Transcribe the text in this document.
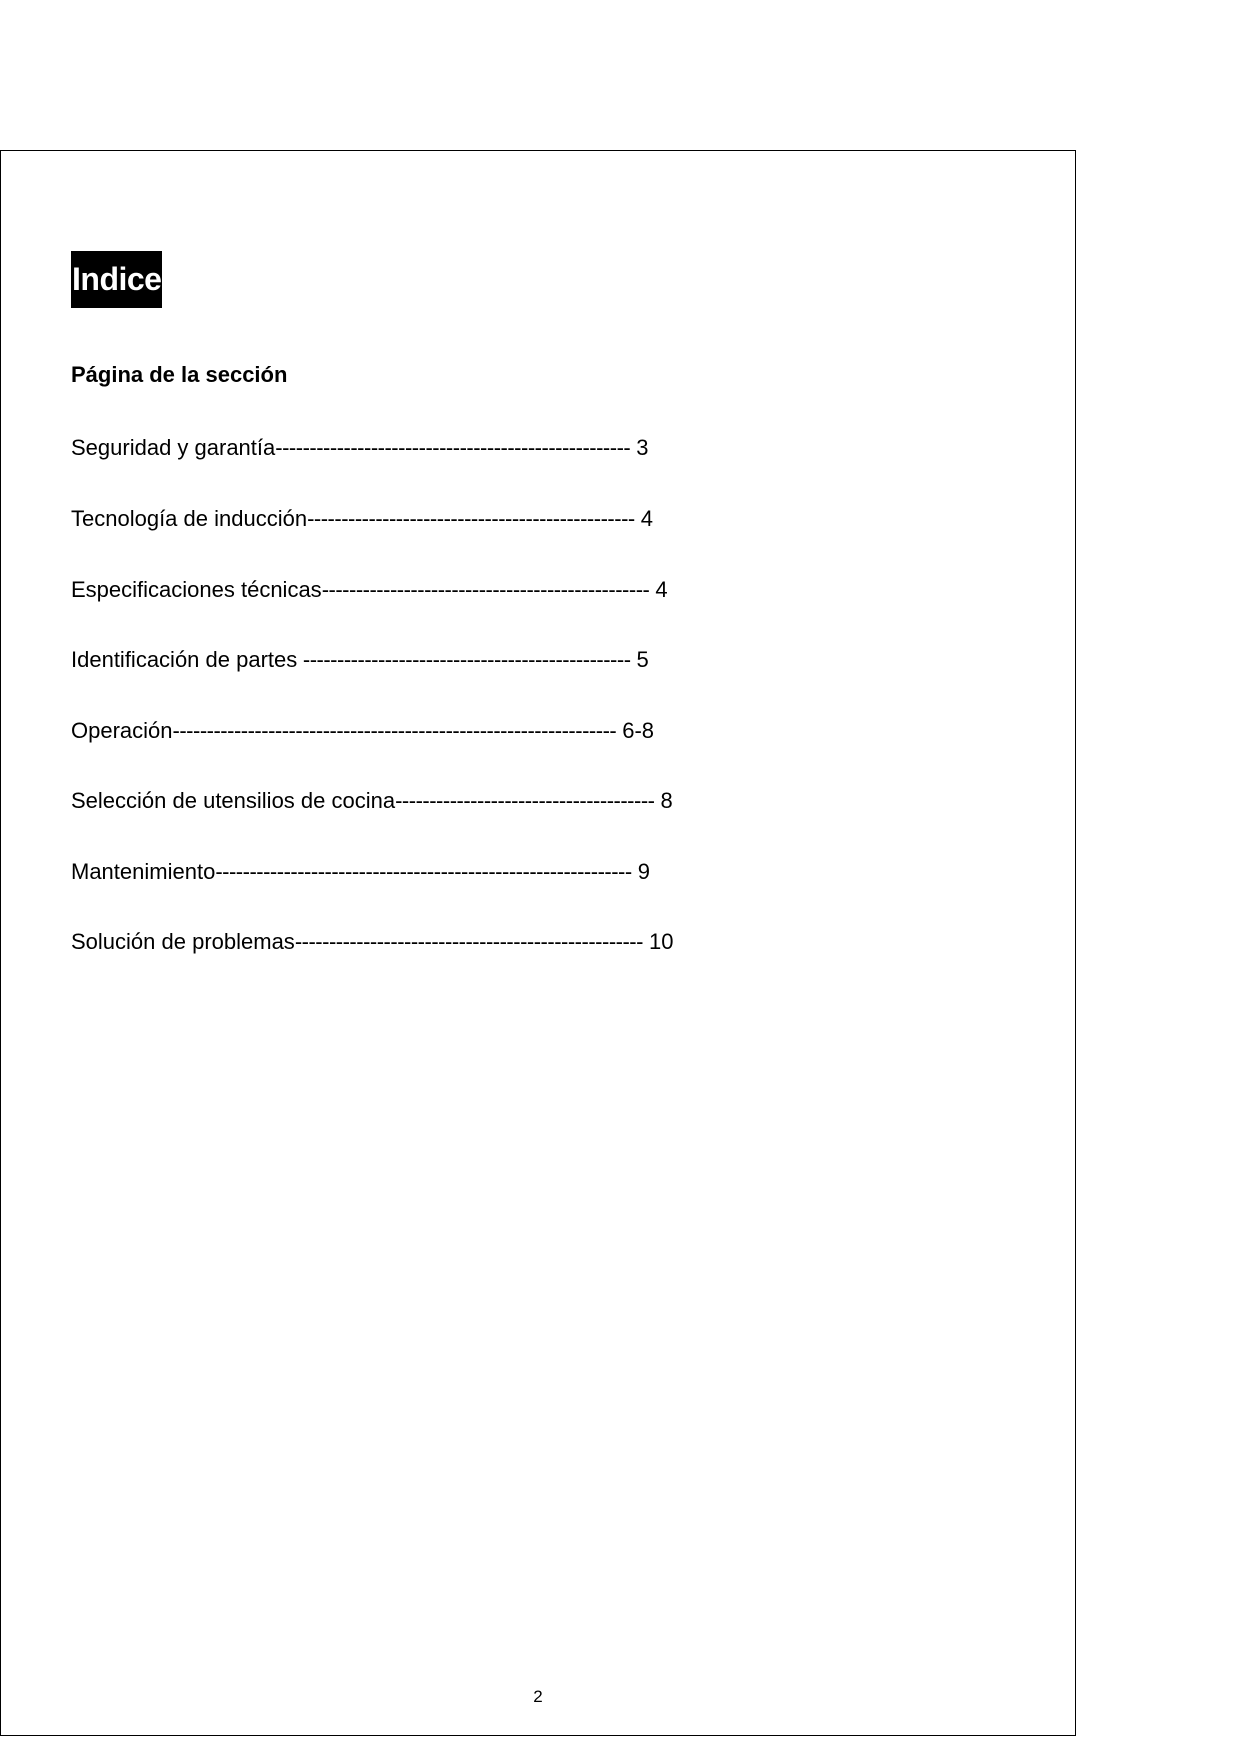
Indice
Página de la sección
Seguridad y garantía---------------------------------------------------- 3
Tecnología de inducción------------------------------------------------ 4
Especificaciones técnicas------------------------------------------------ 4
Identificación de partes ------------------------------------------------ 5
Operación----------------------------------------------------------------- 6-8
Selección de utensilios de cocina-------------------------------------- 8
Mantenimiento------------------------------------------------------------- 9
Solución de problemas--------------------------------------------------- 10
2
